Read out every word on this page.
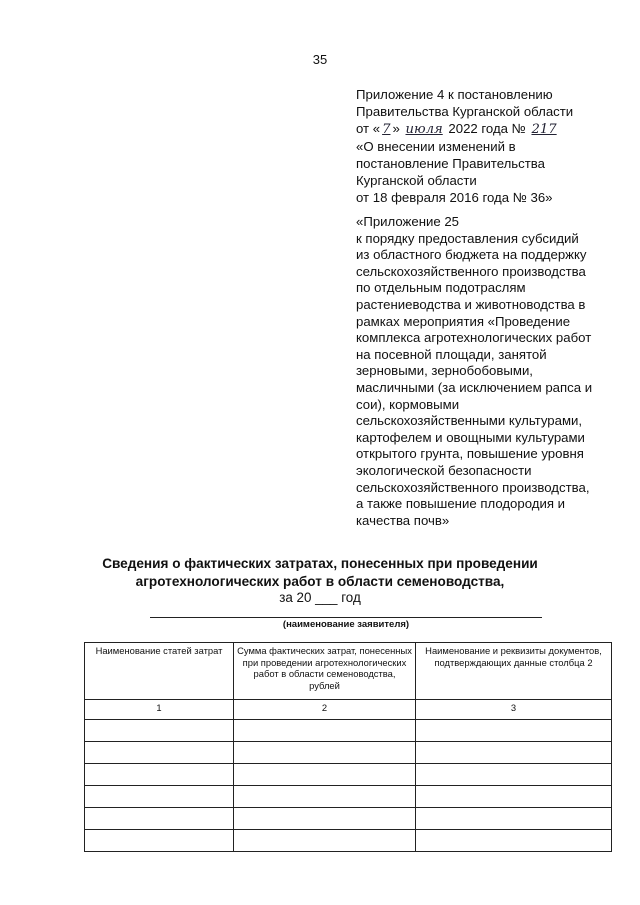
35
Приложение 4 к постановлению
Правительства Курганской области
от « 7 » июля 2022 года № 217
«О внесении изменений в
постановление Правительства
Курганской области
от 18 февраля 2016 года № 36»
«Приложение 25
к порядку предоставления субсидий
из областного бюджета на поддержку
сельскохозяйственного производства
по отдельным подотраслям
растениеводства и животноводства в
рамках мероприятия «Проведение
комплекса агротехнологических работ
на посевной площади, занятой
зерновыми, зернобобовыми,
масличными (за исключением рапса и
сои), кормовыми
сельскохозяйственными культурами,
картофелем и овощными культурами
открытого грунта, повышение уровня
экологической безопасности
сельскохозяйственного производства,
а также повышение плодородия и
качества почв»
Сведения о фактических затратах, понесенных при проведении
агротехнологических работ в области семеноводства,
за 20 ___ год
(наименование заявителя)
Наименование статей затрат	Сумма фактических затрат, понесенных при проведении агротехнологических работ в области семеноводства, рублей	Наименование и реквизиты документов, подтверждающих данные столбца 2
1	2	3
